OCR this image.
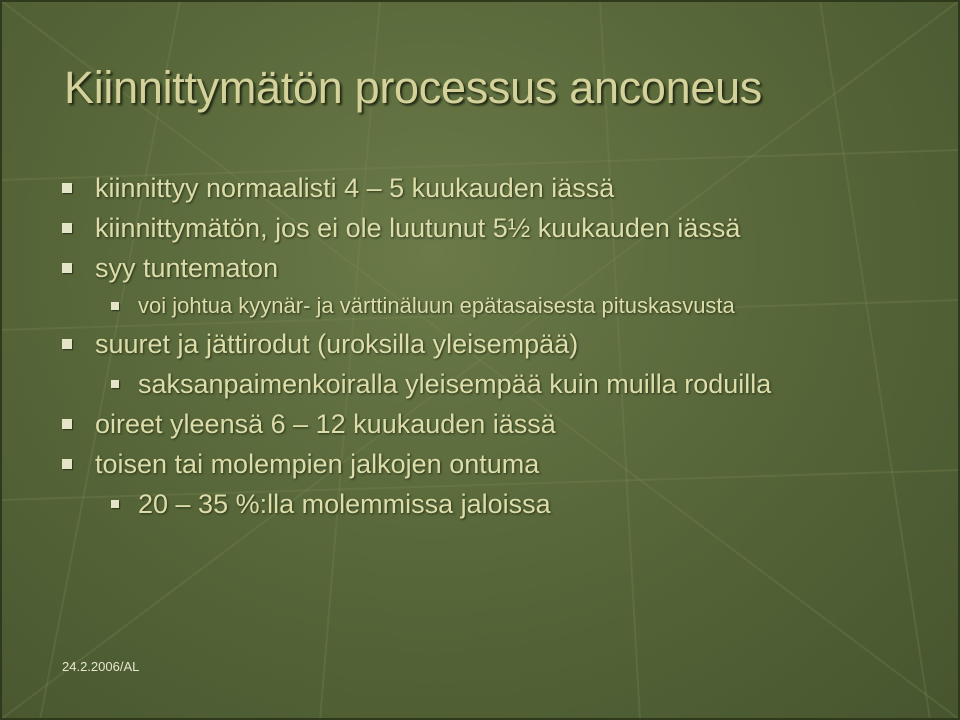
Kiinnittymätön processus anconeus
kiinnittyy normaalisti 4 – 5 kuukauden iässä
kiinnittymätön, jos ei ole luutunut 5½ kuukauden iässä
syy tuntematon
voi johtua kyynär- ja värttinäluun epätasaisesta pituskasvusta
suuret ja jättirodut (uroksilla yleisempää)
saksanpaimenkoiralla yleisempää kuin muilla roduilla
oireet yleensä 6 – 12 kuukauden iässä
toisen tai molempien jalkojen ontuma
20 – 35 %:lla molemmissa jaloissa
24.2.2006/AL
